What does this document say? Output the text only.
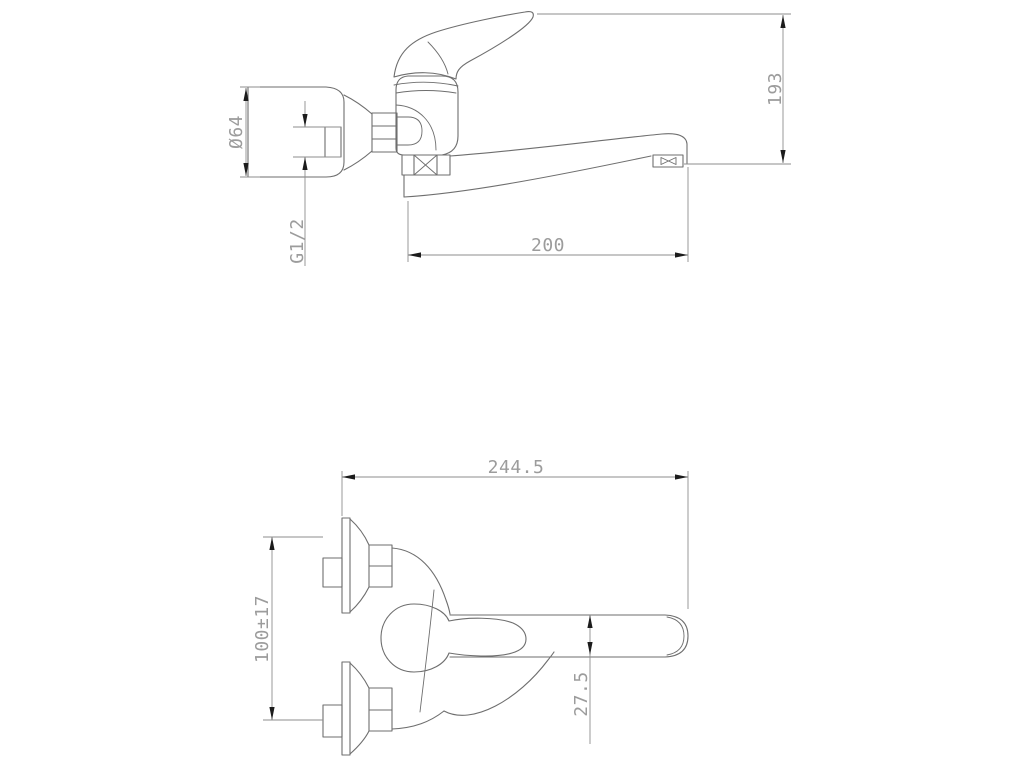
Ø64
G1/2
193
200
244.5
100±17
27.5
